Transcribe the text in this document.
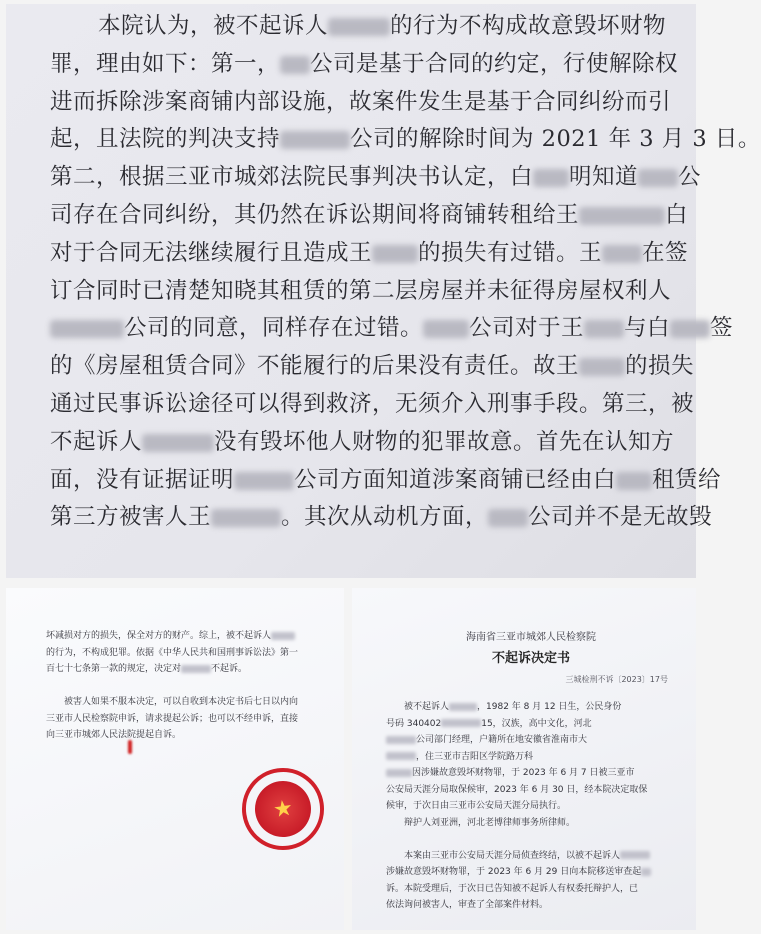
本院认为，被不起诉人	的行为不构成故意毁坏财物
罪，理由如下：第一， 公司是基于合同的约定，行使解除权
进而拆除涉案商铺内部设施，故案件发生是基于合同纠纷而引
起，且法院的判决支持	公司的解除时间为 2021 年 3 月 3 日。
第二，根据三亚市城郊法院民事判决书认定，白 明知道 公
司存在合同纠纷，其仍然在诉讼期间将商铺转租给王	白
对于合同无法继续履行且造成王 的损失有过错。王 在签
订合同时已清楚知晓其租赁的第二层房屋并未征得房屋权利人
公司的同意，同样存在过错。 公司对于王 与白 签
的《房屋租赁合同》不能履行的后果没有责任。故王 的损失
通过民事诉讼途径可以得到救济，无须介入刑事手段。第三，被
不起诉人	没有毁坏他人财物的犯罪故意。首先在认知方
面，没有证据证明	公司方面知道涉案商铺已经由白 租赁给
第三方被害人王	。其次从动机方面， 公司并不是无故毁
坏减损对方的损失，保全对方的财产。综上，被不起诉人
的行为，不构成犯罪。依据《中华人民共和国刑事诉讼法》第一
百七十七条第一款的规定，决定对	不起诉。

被害人如果不服本决定，可以自收到本决定书后七日以内向
三亚市人民检察院申诉，请求提起公诉；也可以不经申诉，直接
向三亚市城郊人民法院提起自诉。
★
海南省三亚市城郊人民检察院
不起诉决定书
三城检刑不诉〔2023〕17号
被不起诉人	，1982 年 8 月 12 日生，公民身份
号码 340402	15，汉族，高中文化，河北
公司部门经理，户籍所在地安徽省淮南市大
，住三亚市吉阳区学院路万科
因涉嫌故意毁坏财物罪，于 2023 年 6 月 7 日被三亚市
公安局天涯分局取保候审，2023 年 6 月 30 日，经本院决定取保
候审，于次日由三亚市公安局天涯分局执行。
辩护人刘亚洲，河北老博律师事务所律师。

本案由三亚市公安局天涯分局侦查终结，以被不起诉人
涉嫌故意毁坏财物罪，于 2023 年 6 月 29 日向本院移送审查起
诉。本院受理后，于次日已告知被不起诉人有权委托辩护人，已
依法询问被害人，审查了全部案件材料。
